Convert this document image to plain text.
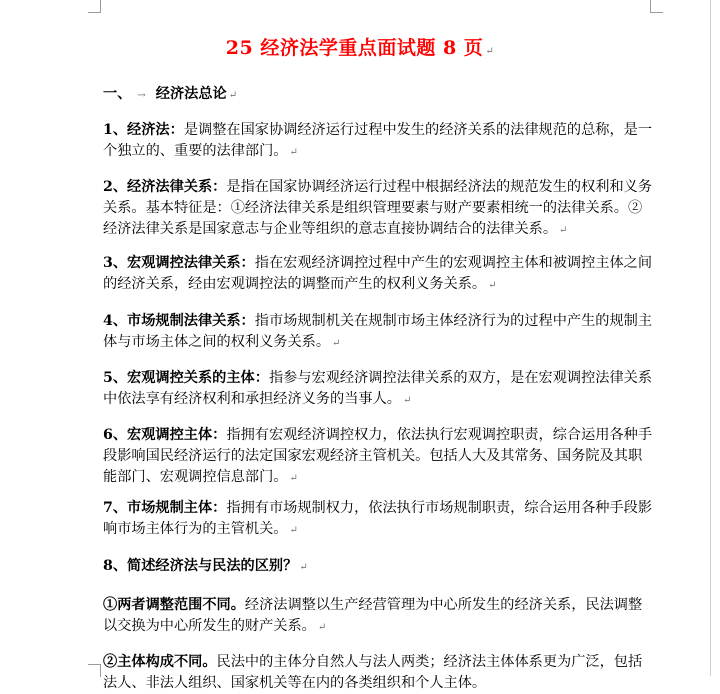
25 经济法学重点面试题 8 页 ↵
一、 → 经济法总论 ↵
1、经济法：是调整在国家协调经济运行过程中发生的经济关系的法律规范的总称，是一个独立的、重要的法律部门。 ↵
2、经济法律关系：是指在国家协调经济运行过程中根据经济法的规范发生的权利和义务关系。基本特征是：①经济法律关系是组织管理要素与财产要素相统一的法律关系。②经济法律关系是国家意志与企业等组织的意志直接协调结合的法律关系。 ↵
3、宏观调控法律关系：指在宏观经济调控过程中产生的宏观调控主体和被调控主体之间的经济关系，经由宏观调控法的调整而产生的权利义务关系。 ↵
4、市场规制法律关系：指市场规制机关在规制市场主体经济行为的过程中产生的规制主体与市场主体之间的权利义务关系。 ↵
5、宏观调控关系的主体：指参与宏观经济调控法律关系的双方，是在宏观调控法律关系中依法享有经济权利和承担经济义务的当事人。 ↵
6、宏观调控主体：指拥有宏观经济调控权力，依法执行宏观调控职责，综合运用各种手段影响国民经济运行的法定国家宏观经济主管机关。包括人大及其常务、国务院及其职能部门、宏观调控信息部门。 ↵
7、市场规制主体：指拥有市场规制权力，依法执行市场规制职责，综合运用各种手段影响市场主体行为的主管机关。 ↵
8、简述经济法与民法的区别？ ↵
①两者调整范围不同。经济法调整以生产经营管理为中心所发生的经济关系，民法调整以交换为中心所发生的财产关系。 ↵
②主体构成不同。民法中的主体分自然人与法人两类；经济法主体体系更为广泛，包括法人、非法人组织、国家机关等在内的各类组织和个人主体。
